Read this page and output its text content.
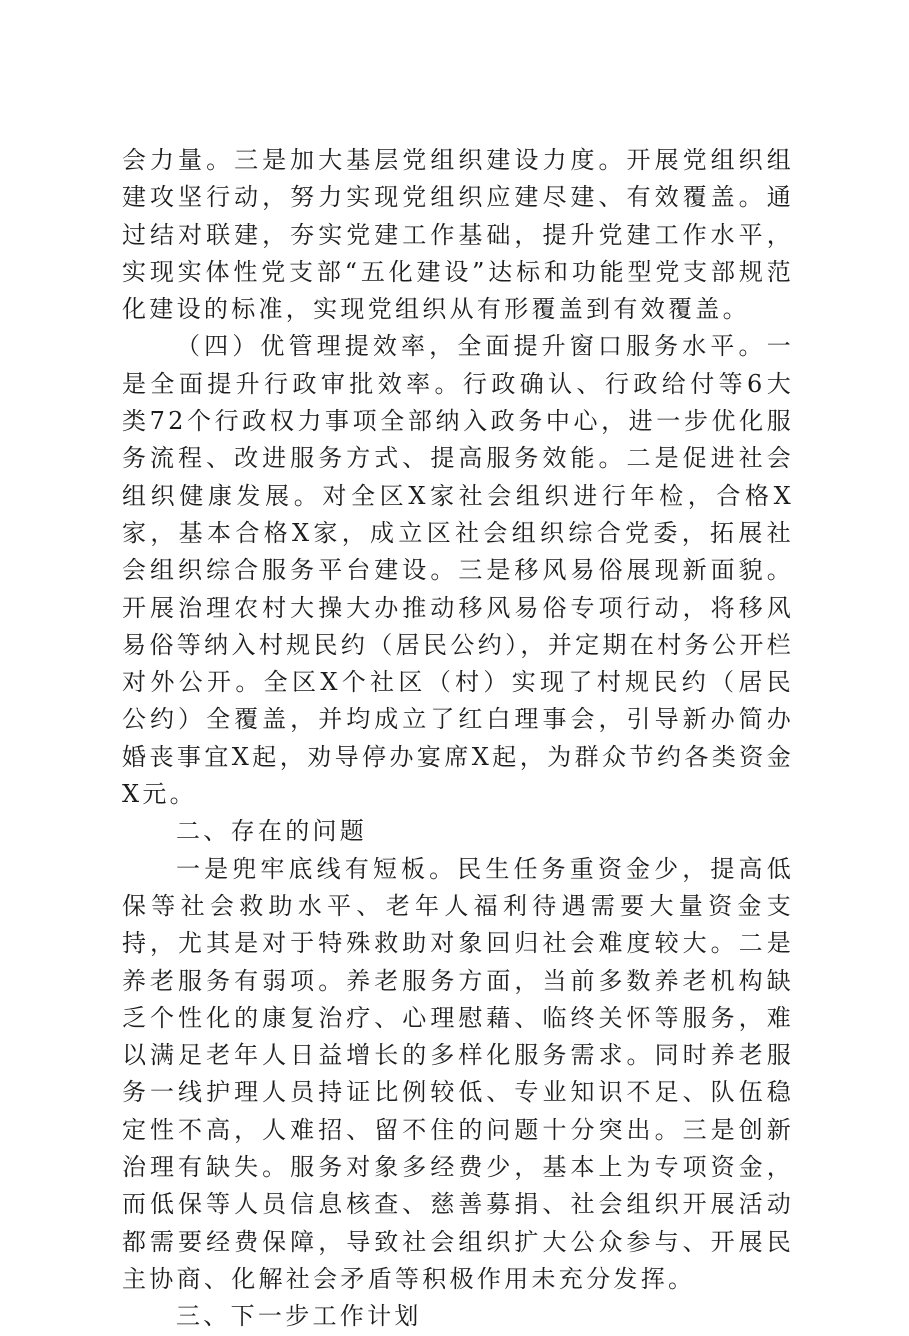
会力量。三是加大基层党组织建设力度。开展党组织组建攻坚行动，努力实现党组织应建尽建、有效覆盖。通过结对联建，夯实党建工作基础，提升党建工作水平，实现实体性党支部“五化建设”达标和功能型党支部规范化建设的标准，实现党组织从有形覆盖到有效覆盖。

（四）优管理提效率，全面提升窗口服务水平。一是全面提升行政审批效率。行政确认、行政给付等6大类72个行政权力事项全部纳入政务中心，进一步优化服务流程、改进服务方式、提高服务效能。二是促进社会组织健康发展。对全区X家社会组织进行年检，合格X家，基本合格X家，成立区社会组织综合党委，拓展社会组织综合服务平台建设。三是移风易俗展现新面貌。开展治理农村大操大办推动移风易俗专项行动，将移风易俗等纳入村规民约（居民公约），并定期在村务公开栏对外公开。全区X个社区（村）实现了村规民约（居民公约）全覆盖，并均成立了红白理事会，引导新办简办婚丧事宜X起，劝导停办宴席X起，为群众节约各类资金X元。

二、存在的问题

一是兜牢底线有短板。民生任务重资金少，提高低保等社会救助水平、老年人福利待遇需要大量资金支持，尤其是对于特殊救助对象回归社会难度较大。二是养老服务有弱项。养老服务方面，当前多数养老机构缺乏个性化的康复治疗、心理慰藉、临终关怀等服务，难以满足老年人日益增长的多样化服务需求。同时养老服务一线护理人员持证比例较低、专业知识不足、队伍稳定性不高，人难招、留不住的问题十分突出。三是创新治理有缺失。服务对象多经费少，基本上为专项资金，而低保等人员信息核查、慈善募捐、社会组织开展活动都需要经费保障，导致社会组织扩大公众参与、开展民主协商、化解社会矛盾等积极作用未充分发挥。

三、下一步工作计划
